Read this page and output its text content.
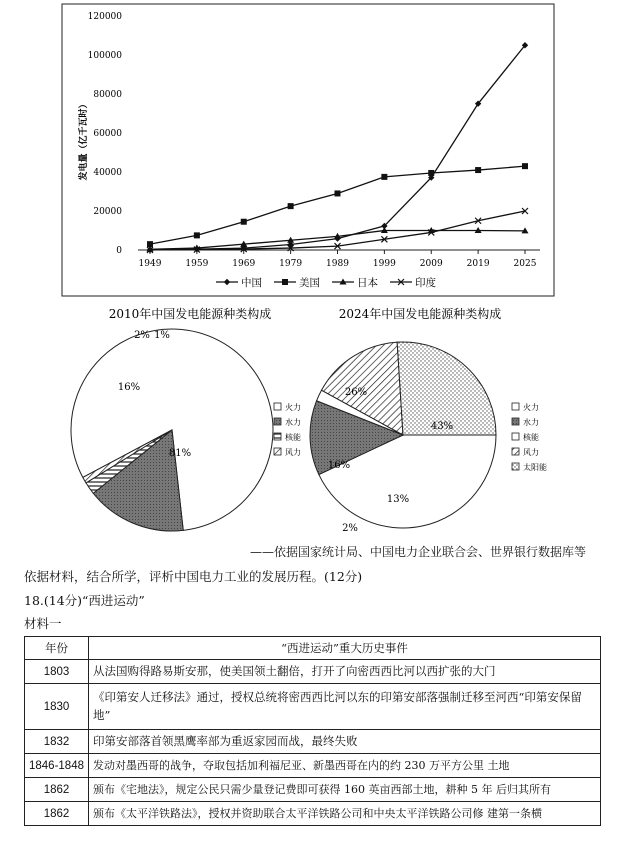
1949	1959	1969	1979	1989	1999	2009	2019	2025
0
20000
40000
60000
80000
100000
120000
中国	美国	日本	印度
发电量（亿千瓦时）
2010年中国发电能源种类构成	2024年中国发电能源种类构成
81%
16%
2% 1%
火力
水力
核能
风力
43%
13%
2%
16%
26%
火力
水力
核能
风力
太阳能
——依据国家统计局、中国电力企业联合会、世界银行数据库等
依据材料，结合所学，评析中国电力工业的发展历程。(12分)
18.(14分)“西进运动”
材料一
年份	“西进运动”重大历史事件
1803	从法国购得路易斯安那，使美国领土翻倍，打开了向密西西比河以西扩张的大门
1830	《印第安人迁移法》通过，授权总统将密西西比河以东的印第安部落强制迁移至河西“印第安保留地”
1832	印第安部落首领黑鹰率部为重返家园而战，最终失败
1846-1848	发动对墨西哥的战争，夺取包括加利福尼亚、新墨西哥在内的约 230 万平方公里 土地
1862	颁布《宅地法》，规定公民只需少量登记费即可获得 160 英亩西部土地，耕种 5 年 后归其所有
1862	颁布《太平洋铁路法》，授权并资助联合太平洋铁路公司和中央太平洋铁路公司修 建第一条横
